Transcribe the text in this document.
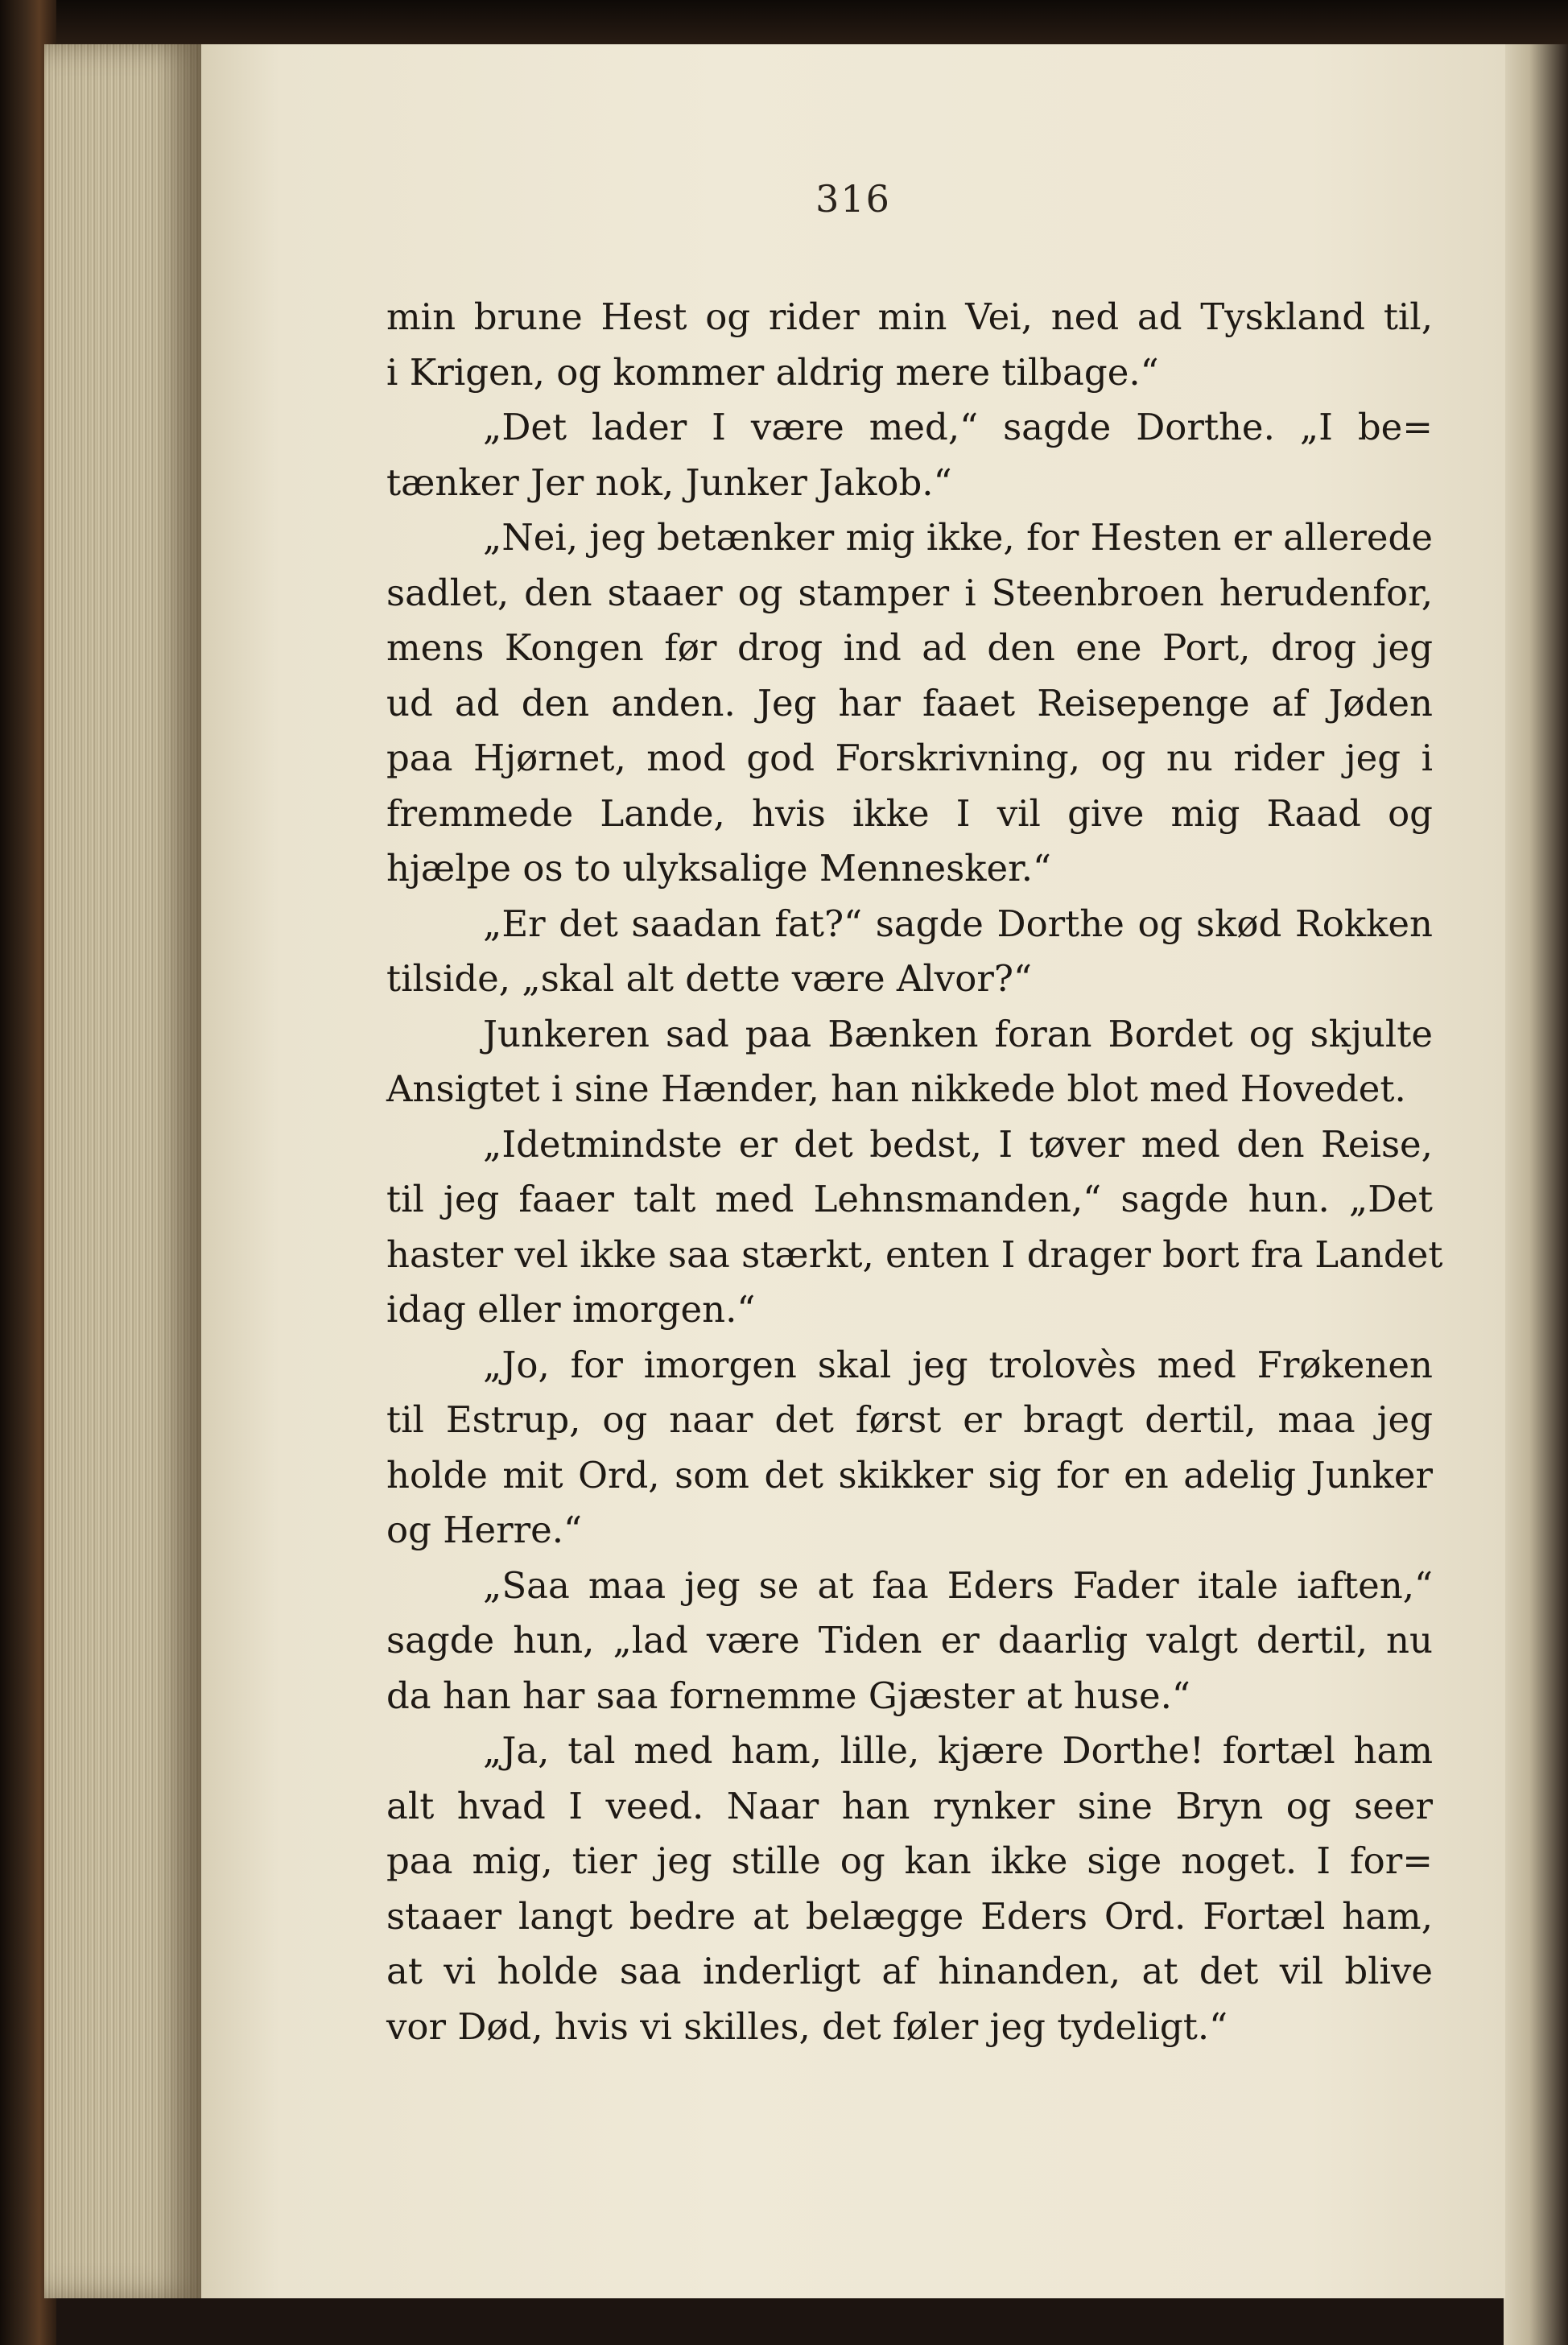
316
min brune Hest og rider min Vei, ned ad Tyskland til,
i Krigen, og kommer aldrig mere tilbage.“
„Det lader I være med,“ sagde Dorthe. „I be=
tænker Jer nok, Junker Jakob.“
„Nei, jeg betænker mig ikke, for Hesten er allerede
sadlet, den staaer og stamper i Steenbroen herudenfor,
mens Kongen før drog ind ad den ene Port, drog jeg
ud ad den anden. Jeg har faaet Reisepenge af Jøden
paa Hjørnet, mod god Forskrivning, og nu rider jeg i
fremmede Lande, hvis ikke I vil give mig Raad og
hjælpe os to ulyksalige Mennesker.“
„Er det saadan fat?“ sagde Dorthe og skød Rokken
tilside, „skal alt dette være Alvor?“
Junkeren sad paa Bænken foran Bordet og skjulte
Ansigtet i sine Hænder, han nikkede blot med Hovedet.
„Idetmindste er det bedst, I tøver med den Reise,
til jeg faaer talt med Lehnsmanden,“ sagde hun. „Det
haster vel ikke saa stærkt, enten I drager bort fra Landet
idag eller imorgen.“
„Jo, for imorgen skal jeg trolovès med Frøkenen
til Estrup, og naar det først er bragt dertil, maa jeg
holde mit Ord, som det skikker sig for en adelig Junker
og Herre.“
„Saa maa jeg se at faa Eders Fader itale iaften,“
sagde hun, „lad være Tiden er daarlig valgt dertil, nu
da han har saa fornemme Gjæster at huse.“
„Ja, tal med ham, lille, kjære Dorthe! fortæl ham
alt hvad I veed. Naar han rynker sine Bryn og seer
paa mig, tier jeg stille og kan ikke sige noget. I for=
staaer langt bedre at belægge Eders Ord. Fortæl ham,
at vi holde saa inderligt af hinanden, at det vil blive
vor Død, hvis vi skilles, det føler jeg tydeligt.“
